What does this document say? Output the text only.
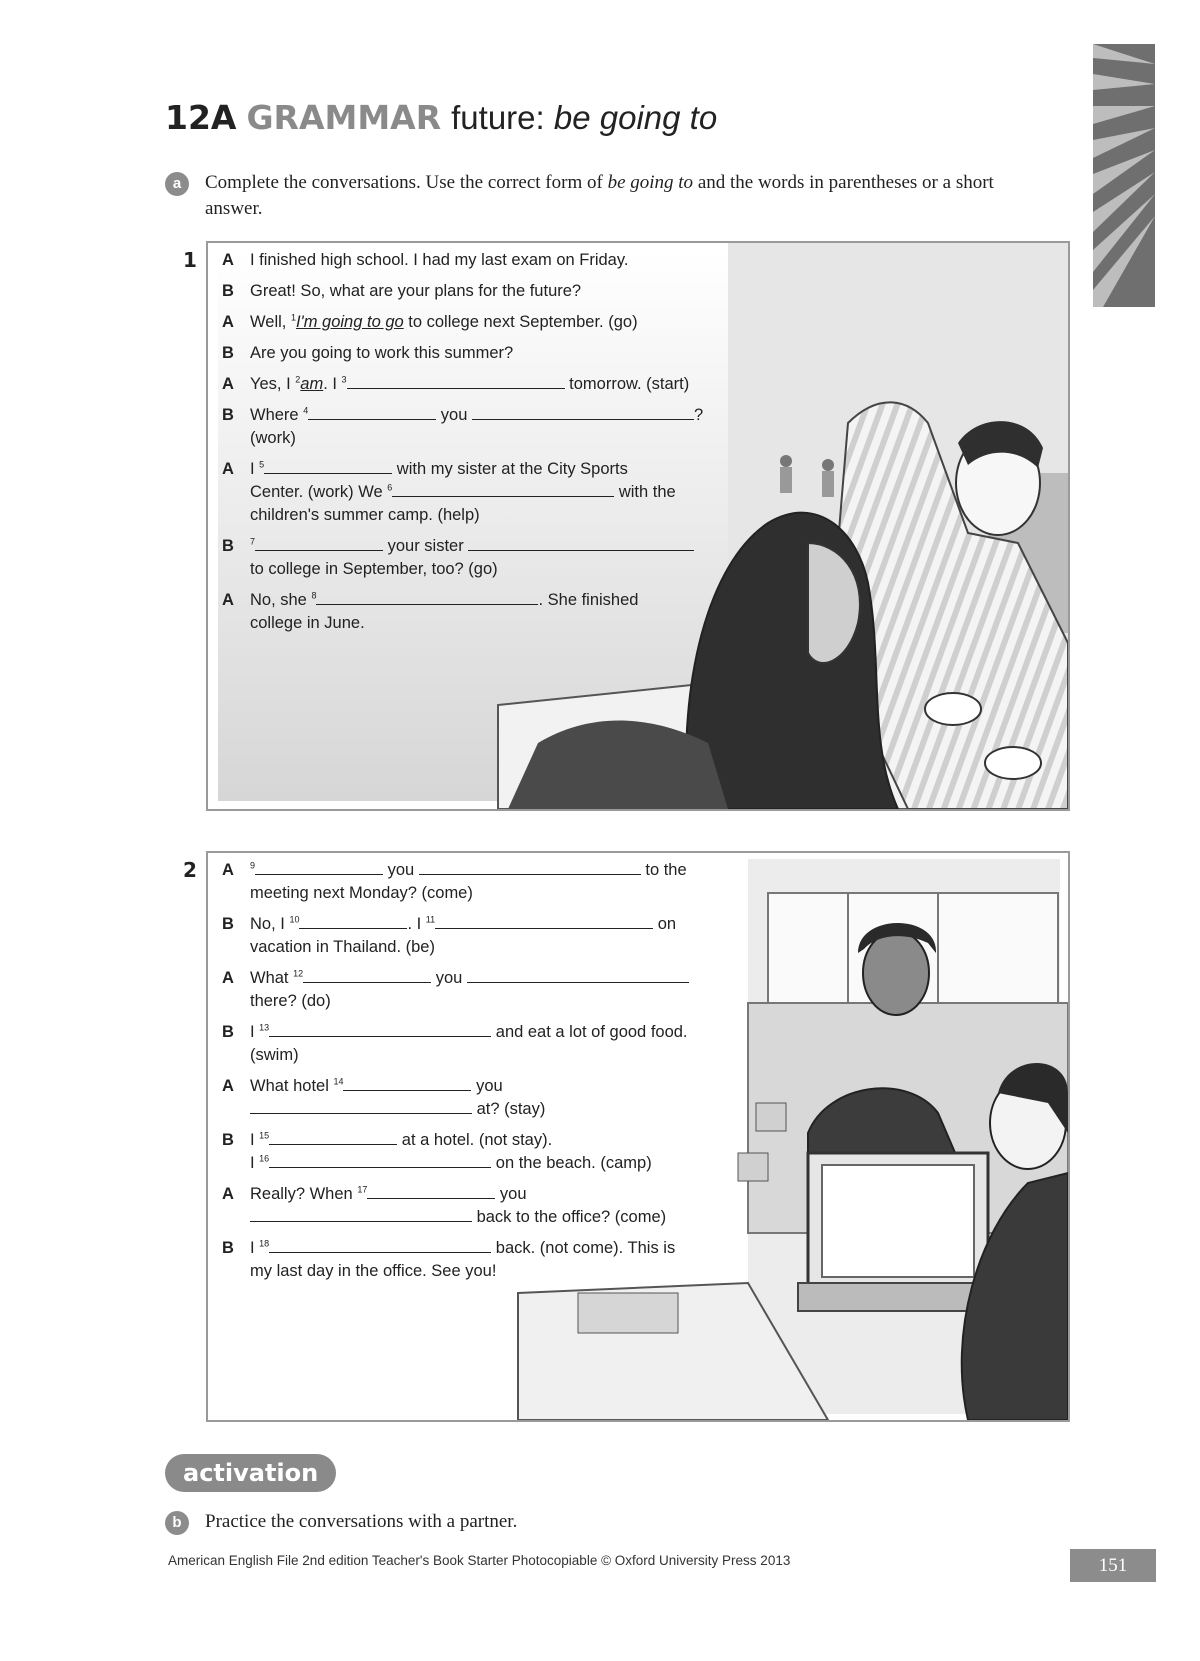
12A GRAMMAR future: be going to
a	Complete the conversations. Use the correct form of be going to and the words in parentheses or a short answer.
1 A I finished high school. I had my last exam on Friday.
B Great! So, what are your plans for the future?
A Well, $^1$I'm going to go to college next September. (go)
B Are you going to work this summer?
A Yes, I $^2$am. I $^3$	tomorrow. (start)
B Where $^4$	you	?
(work)
A I $^5$	with my sister at the City Sports
Center. (work) We $^6$	with the
children's summer camp. (help)
B $^7$	your sister
to college in September, too? (go)
A No, she $^8$	. She finished
college in June.
2 A $^9$	you	to the
meeting next Monday? (come)
B No, I $^{10}$	. I $^{11}$	on
vacation in Thailand. (be)
A What $^{12}$	you
there? (do)
B I $^{13}$	and eat a lot of good food.
(swim)
A What hotel $^{14}$	you
at? (stay)
B I $^{15}$	at a hotel. (not stay).
I $^{16}$	on the beach. (camp)
A Really? When $^{17}$	you
back to the office? (come)
B I $^{18}$	back. (not come). This is
my last day in the office. See you!
activation
b	Practice the conversations with a partner.
American English File 2nd edition Teacher's Book Starter Photocopiable © Oxford University Press 2013	151
